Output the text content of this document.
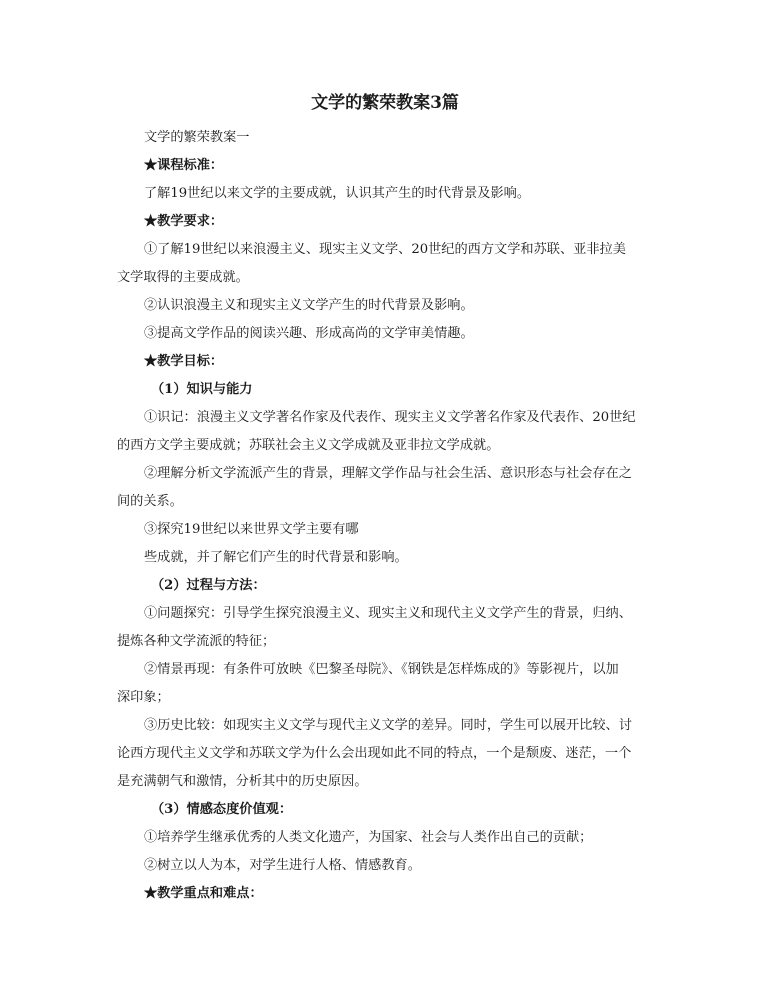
文学的繁荣教案3篇
文学的繁荣教案一
★课程标准：
了解19世纪以来文学的主要成就，认识其产生的时代背景及影响。
★教学要求：
①了解19世纪以来浪漫主义、现实主义文学、20世纪的西方文学和苏联、亚非拉美
文学取得的主要成就。
②认识浪漫主义和现实主义文学产生的时代背景及影响。
③提高文学作品的阅读兴趣、形成高尚的文学审美情趣。
★教学目标：
（1）知识与能力
①识记：浪漫主义文学著名作家及代表作、现实主义文学著名作家及代表作、20世纪
的西方文学主要成就；苏联社会主义文学成就及亚非拉文学成就。
②理解分析文学流派产生的背景，理解文学作品与社会生活、意识形态与社会存在之
间的关系。
③探究19世纪以来世界文学主要有哪
些成就，并了解它们产生的时代背景和影响。
（2）过程与方法：
①问题探究：引导学生探究浪漫主义、现实主义和现代主义文学产生的背景，归纳、
提炼各种文学流派的特征；
②情景再现：有条件可放映《巴黎圣母院》、《钢铁是怎样炼成的》等影视片，以加
深印象；
③历史比较：如现实主义文学与现代主义文学的差异。同时，学生可以展开比较、讨
论西方现代主义文学和苏联文学为什么会出现如此不同的特点，一个是颓废、迷茫，一个
是充满朝气和激情，分析其中的历史原因。
（3）情感态度价值观：
①培养学生继承优秀的人类文化遗产，为国家、社会与人类作出自己的贡献；
②树立以人为本，对学生进行人格、情感教育。
★教学重点和难点：
